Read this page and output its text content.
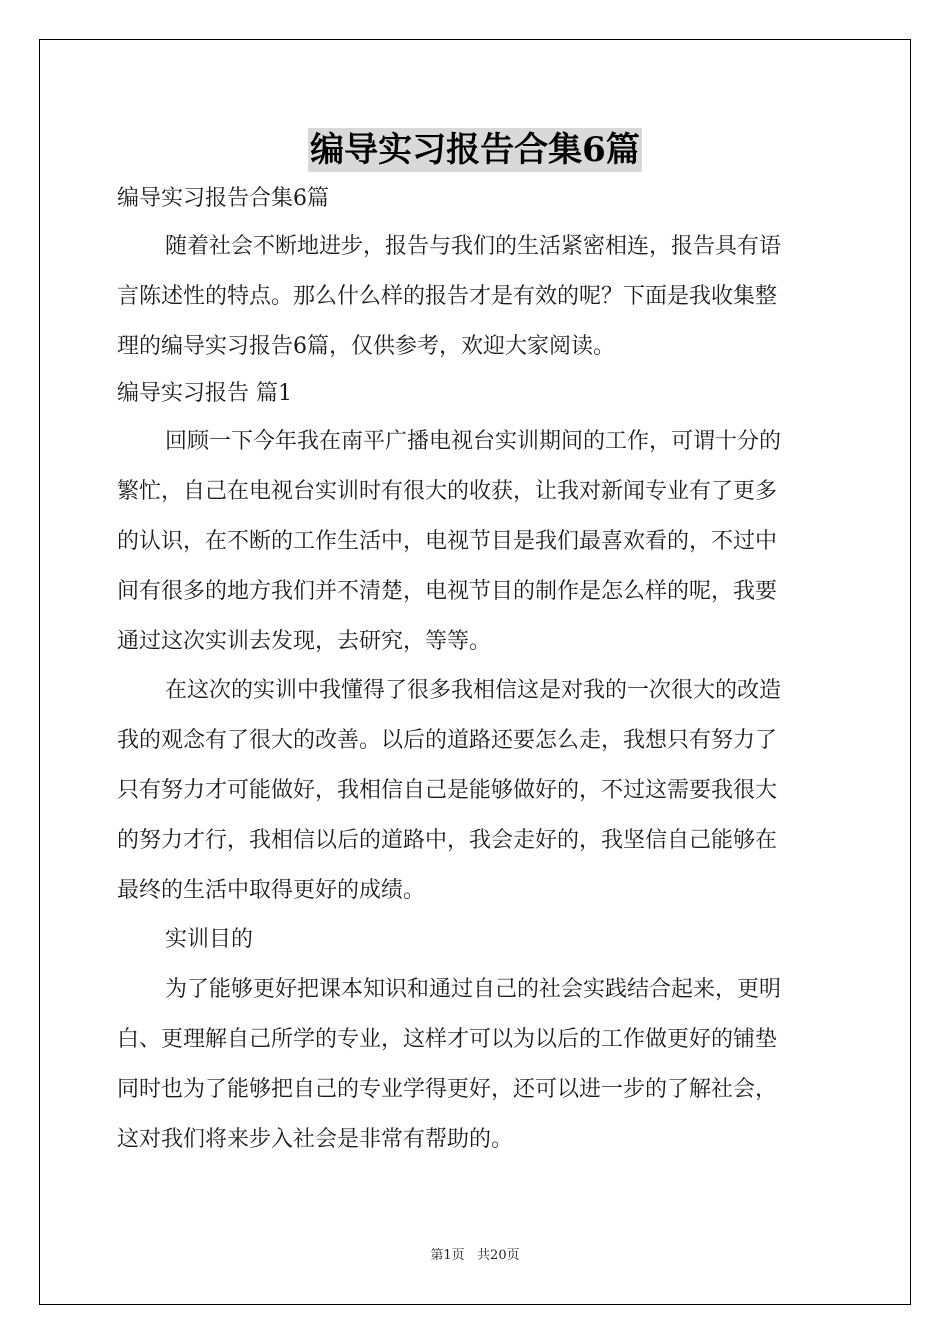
编导实习报告合集6篇
编导实习报告合集6篇
随着社会不断地进步，报告与我们的生活紧密相连，报告具有语
言陈述性的特点。那么什么样的报告才是有效的呢？下面是我收集整
理的编导实习报告6篇，仅供参考，欢迎大家阅读。
编导实习报告 篇1
回顾一下今年我在南平广播电视台实训期间的工作，可谓十分的
繁忙，自己在电视台实训时有很大的收获，让我对新闻专业有了更多
的认识，在不断的工作生活中，电视节目是我们最喜欢看的，不过中
间有很多的地方我们并不清楚，电视节目的制作是怎么样的呢，我要
通过这次实训去发现，去研究，等等。
在这次的实训中我懂得了很多我相信这是对我的一次很大的改造
我的观念有了很大的改善。以后的道路还要怎么走，我想只有努力了
只有努力才可能做好，我相信自己是能够做好的，不过这需要我很大
的努力才行，我相信以后的道路中，我会走好的，我坚信自己能够在
最终的生活中取得更好的成绩。
实训目的
为了能够更好把课本知识和通过自己的社会实践结合起来，更明
白、更理解自己所学的专业，这样才可以为以后的工作做更好的铺垫
同时也为了能够把自己的专业学得更好，还可以进一步的了解社会，
这对我们将来步入社会是非常有帮助的。
第1页   共20页
